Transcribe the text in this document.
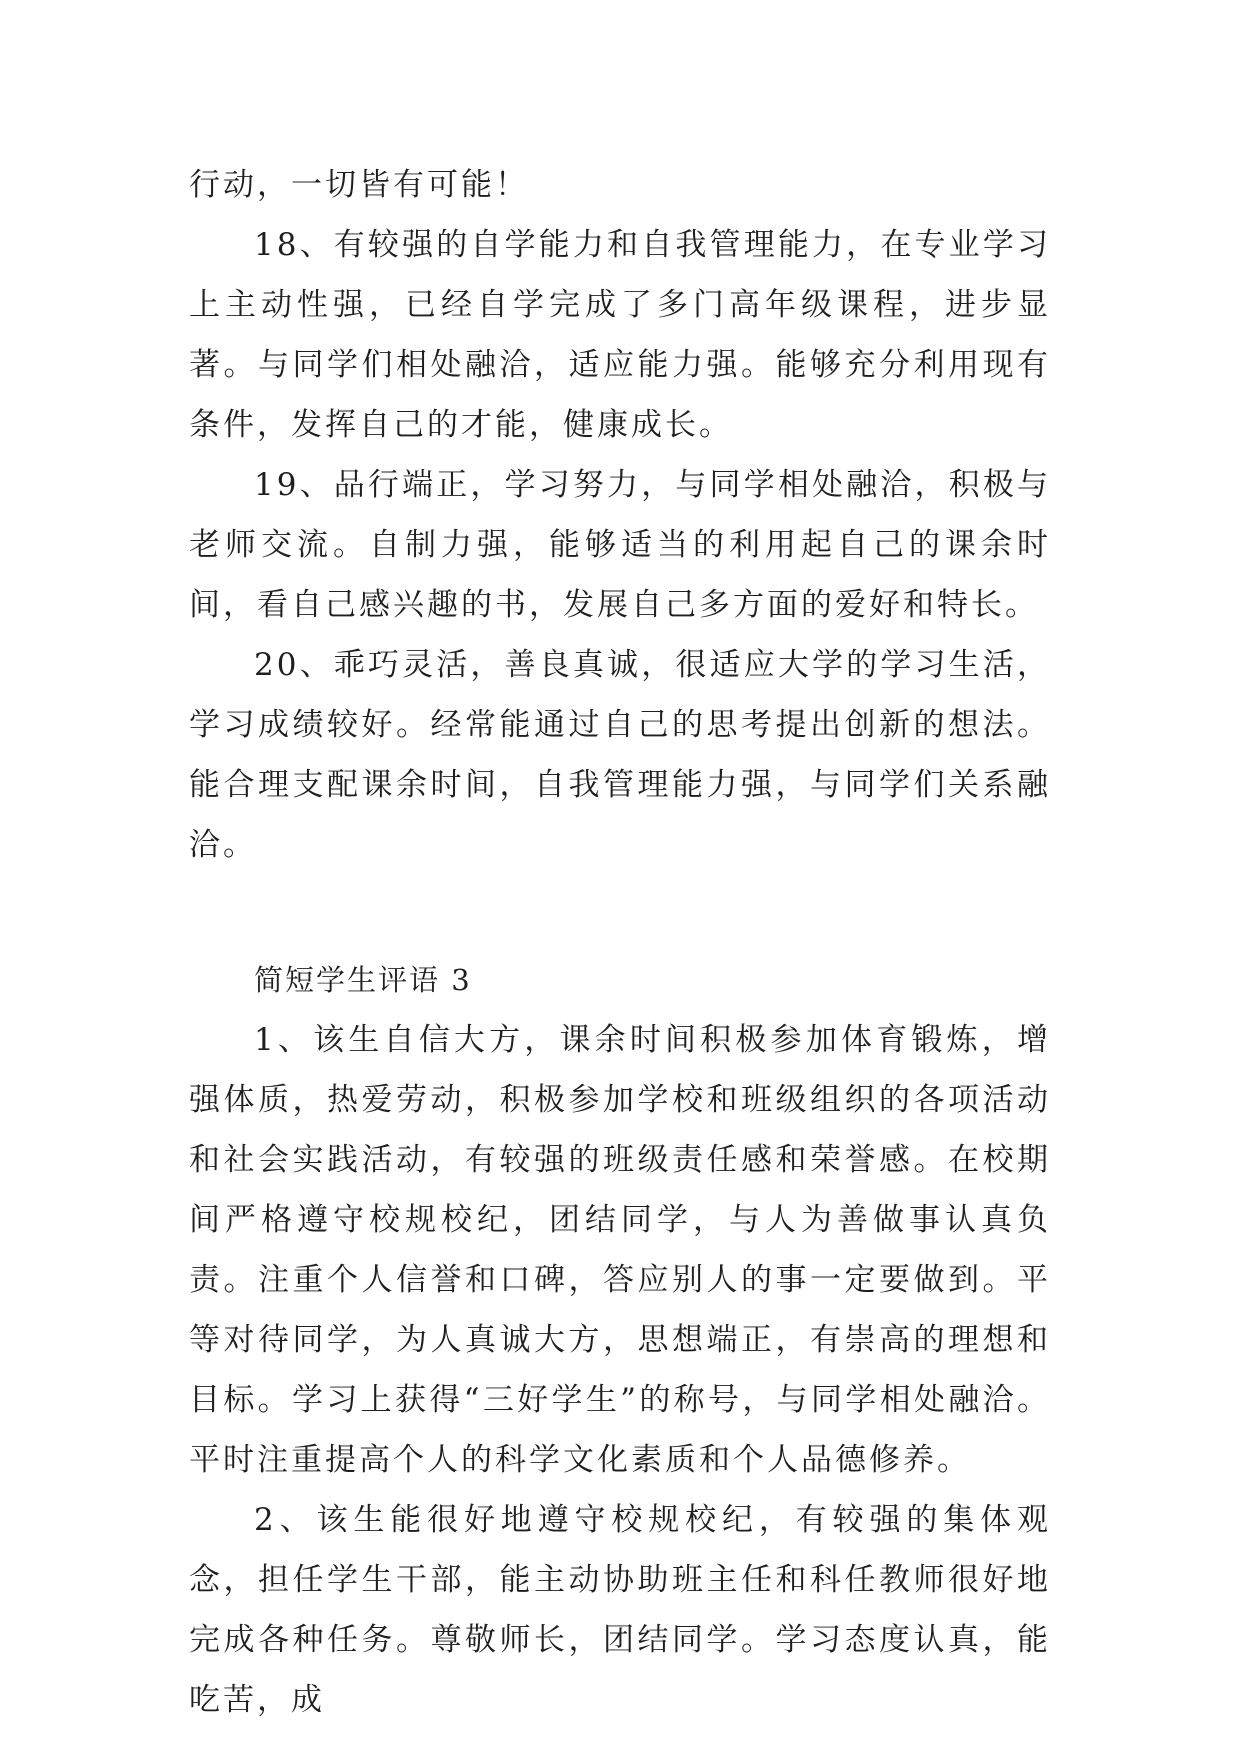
行动，一切皆有可能！

18、有较强的自学能力和自我管理能力，在专业学习上主动性强，已经自学完成了多门高年级课程，进步显著。与同学们相处融洽，适应能力强。能够充分利用现有条件，发挥自己的才能，健康成长。

19、品行端正，学习努力，与同学相处融洽，积极与老师交流。自制力强，能够适当的利用起自己的课余时间，看自己感兴趣的书，发展自己多方面的爱好和特长。

20、乖巧灵活，善良真诚，很适应大学的学习生活，学习成绩较好。经常能通过自己的思考提出创新的想法。能合理支配课余时间，自我管理能力强，与同学们关系融洽。

简短学生评语 3

1、该生自信大方，课余时间积极参加体育锻炼，增强体质，热爱劳动，积极参加学校和班级组织的各项活动和社会实践活动，有较强的班级责任感和荣誉感。在校期间严格遵守校规校纪，团结同学，与人为善做事认真负责。注重个人信誉和口碑，答应别人的事一定要做到。平等对待同学，为人真诚大方，思想端正，有崇高的理想和目标。学习上获得“三好学生”的称号，与同学相处融洽。平时注重提高个人的科学文化素质和个人品德修养。

2、该生能很好地遵守校规校纪，有较强的集体观念，担任学生干部，能主动协助班主任和科任教师很好地完成各种任务。尊敬师长，团结同学。学习态度认真，能吃苦，成
